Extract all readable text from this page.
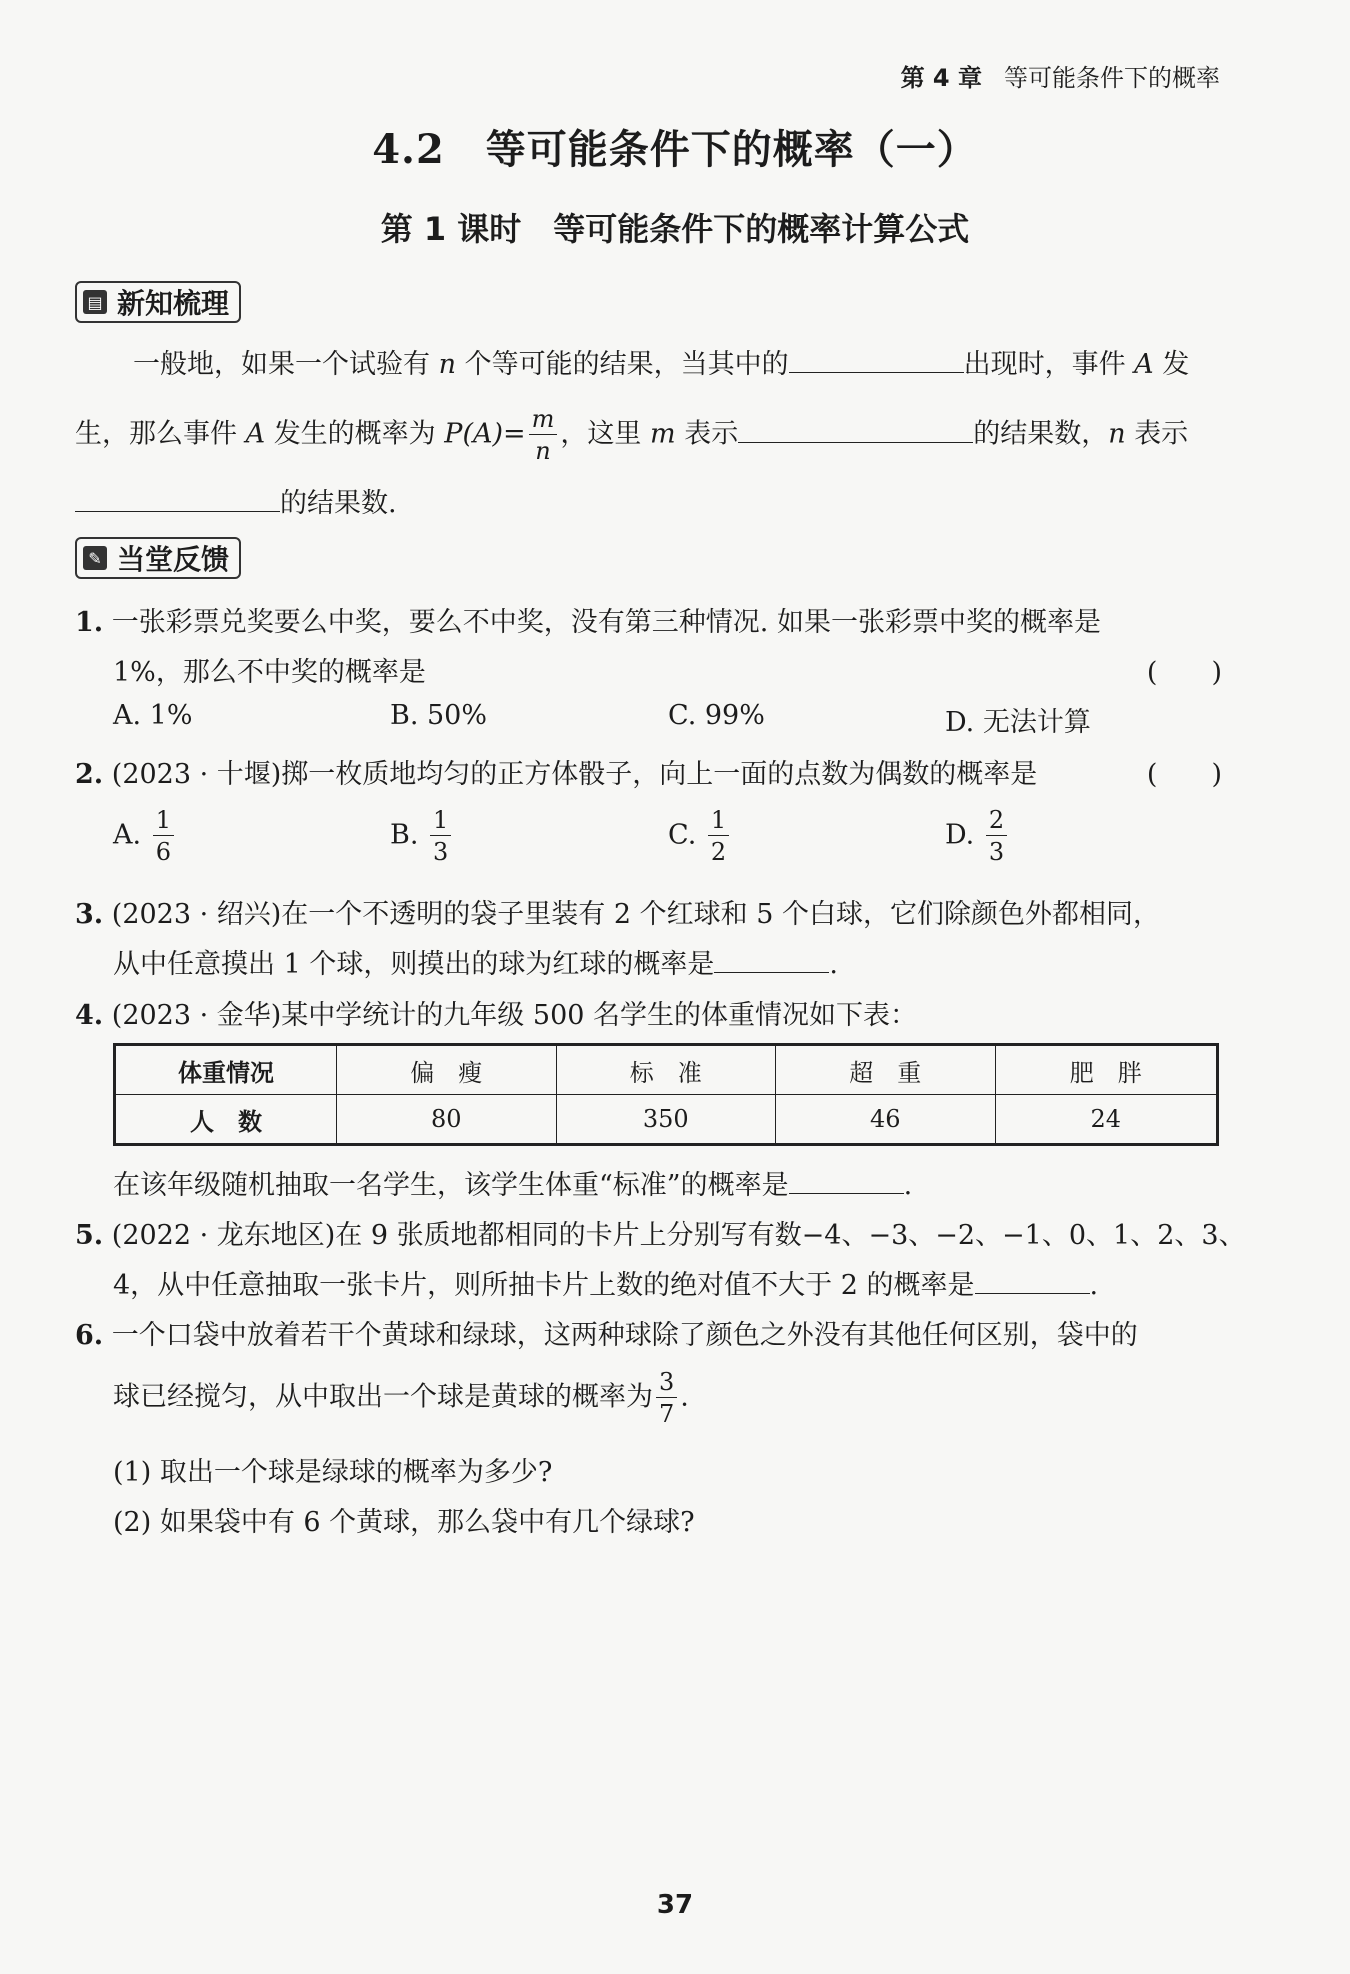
第 4 章 等可能条件下的概率
4.2　等可能条件下的概率（一）
第 1 课时　等可能条件下的概率计算公式
▤ 新知梳理
一般地，如果一个试验有 n 个等可能的结果，当其中的	出现时，事件 A 发
生，那么事件 A 发生的概率为 $P(A)= \frac{m}{n}$ ，这里 m 表示	的结果数，n 表示
的结果数.
✎ 当堂反馈
1. 一张彩票兑奖要么中奖，要么不中奖，没有第三种情况. 如果一张彩票中奖的概率是
1%，那么不中奖的概率是	(　　)
A. 1%	B. 50%	C. 99%	D. 无法计算
2. (2023 · 十堰)掷一枚质地均匀的正方体骰子，向上一面的点数为偶数的概率是	(　　)
A. $\frac{1}{6}$	B. $\frac{1}{3}$	C. $\frac{1}{2}$	D. $\frac{2}{3}$
3. (2023 · 绍兴)在一个不透明的袋子里装有 2 个红球和 5 个白球，它们除颜色外都相同，
从中任意摸出 1 个球，则摸出的球为红球的概率是	.
4. (2023 · 金华)某中学统计的九年级 500 名学生的体重情况如下表：
体重情况	偏　瘦	标　准	超　重	肥　胖
人　数	80	350	46	24
在该年级随机抽取一名学生，该学生体重“标准”的概率是	.
5. (2022 · 龙东地区)在 9 张质地都相同的卡片上分别写有数−4、−3、−2、−1、0、1、2、3、
4，从中任意抽取一张卡片，则所抽卡片上数的绝对值不大于 2 的概率是	.
6. 一个口袋中放着若干个黄球和绿球，这两种球除了颜色之外没有其他任何区别，袋中的
球已经搅匀，从中取出一个球是黄球的概率为 $\frac{3}{7}$ .
(1) 取出一个球是绿球的概率为多少?
(2) 如果袋中有 6 个黄球，那么袋中有几个绿球?
37
